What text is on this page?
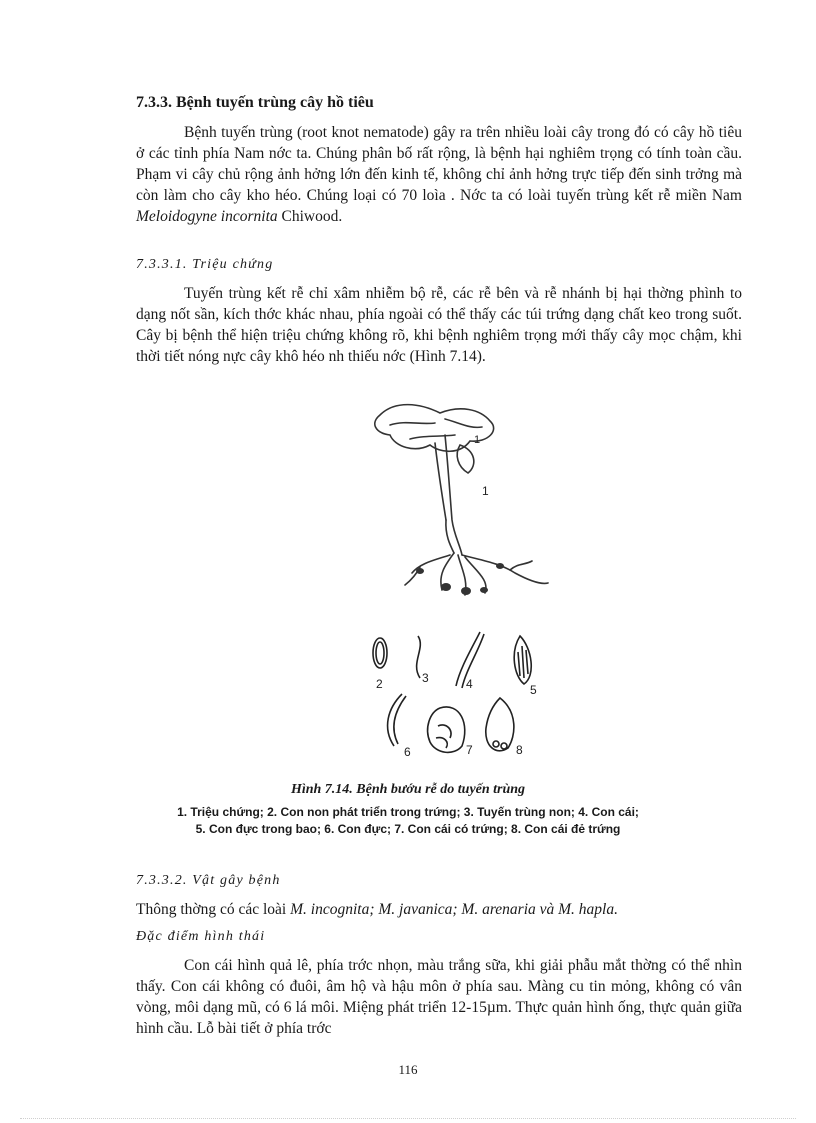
7.3.3. Bệnh tuyến trùng cây hồ tiêu

Bệnh tuyến trùng (root knot nematode) gây ra trên nhiều loài cây trong đó có cây hồ tiêu ở các tỉnh phía Nam nớc ta. Chúng phân bố rất rộng, là bệnh hại nghiêm trọng có tính toàn cầu. Phạm vi cây chủ rộng ảnh hởng lớn đến kinh tế, không chỉ ảnh hởng trực tiếp đến sinh trởng mà còn làm cho cây kho héo. Chúng loại có 70 loìa . Nớc ta có loài tuyến trùng kết rễ miền Nam Meloidogyne incornita Chiwood.

7.3.3.1. Triệu chứng

Tuyến trùng kết rễ chỉ xâm nhiễm bộ rễ, các rễ bên và rễ nhánh bị hại thờng phình to dạng nốt sần, kích thớc khác nhau, phía ngoài có thể thấy các túi trứng dạng chất keo trong suốt. Cây bị bệnh thể hiện triệu chứng không rõ, khi bệnh nghiêm trọng mới thấy cây mọc chậm, khi thời tiết nóng nực cây khô héo nh thiếu nớc (Hình 7.14).

1
1
2	3	4	5
6	7	8
Hình 7.14. Bệnh bướu rễ do tuyến trùng
1. Triệu chứng; 2. Con non phát triển trong trứng; 3. Tuyến trùng non; 4. Con cái;
5. Con đực trong bao; 6. Con đực; 7. Con cái có trứng; 8. Con cái đẻ trứng
7.3.3.2. Vật gây bệnh

Thông thờng có các loài M. incognita; M. javanica; M. arenaria và M. hapla.

Đặc điểm hình thái

Con cái hình quả lê, phía trớc nhọn, màu trắng sữa, khi giải phẫu mắt thờng có thể nhìn thấy. Con cái không có đuôi, âm hộ và hậu môn ở phía sau. Màng cu tin mỏng, không có vân vòng, môi dạng mũ, có 6 lá môi. Miệng phát triển 12-15µm. Thực quản hình ống, thực quản giữa hình cầu. Lỗ bài tiết ở phía trớc

116
